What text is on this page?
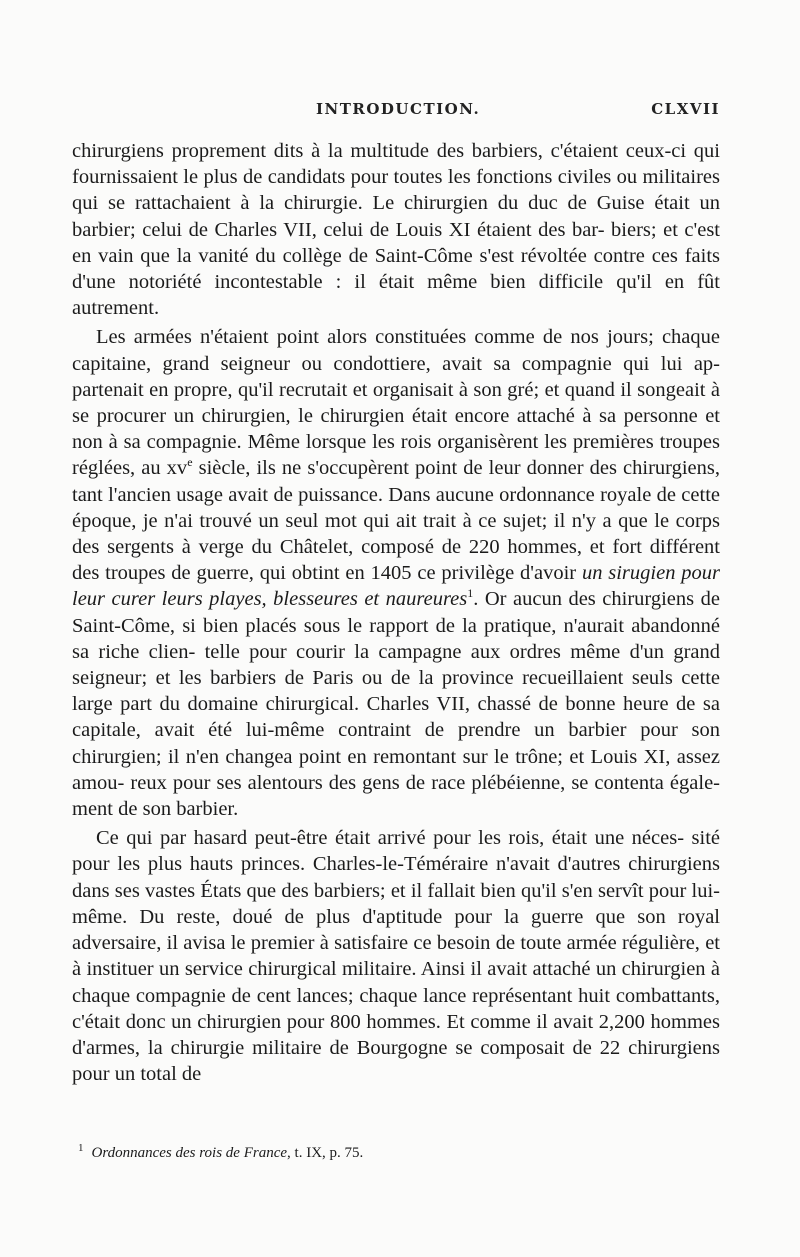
INTRODUCTION.	CLXVII

chirurgiens proprement dits à la multitude des barbiers, c'étaient ceux-ci qui fournissaient le plus de candidats pour toutes les fonctions civiles ou militaires qui se rattachaient à la chirurgie. Le chirurgien du duc de Guise était un barbier; celui de Charles VII, celui de Louis XI étaient des bar- biers; et c'est en vain que la vanité du collège de Saint-Côme s'est révoltée contre ces faits d'une notoriété incontestable : il était même bien difficile qu'il en fût autrement.

Les armées n'étaient point alors constituées comme de nos jours; chaque capitaine, grand seigneur ou condottiere, avait sa compagnie qui lui ap- partenait en propre, qu'il recrutait et organisait à son gré; et quand il songeait à se procurer un chirurgien, le chirurgien était encore attaché à sa personne et non à sa compagnie. Même lorsque les rois organisèrent les premières troupes réglées, au $xv^e$ siècle, ils ne s'occupèrent point de leur donner des chirurgiens, tant l'ancien usage avait de puissance. Dans aucune ordonnance royale de cette époque, je n'ai trouvé un seul mot qui ait trait à ce sujet; il n'y a que le corps des sergents à verge du Châtelet, composé de 220 hommes, et fort différent des troupes de guerre, qui obtint en 1405 ce privilège d'avoir un sirugien pour leur curer leurs playes, blesseures et naureures$^1$. Or aucun des chirurgiens de Saint-Côme, si bien placés sous le rapport de la pratique, n'aurait abandonné sa riche clien- telle pour courir la campagne aux ordres même d'un grand seigneur; et les barbiers de Paris ou de la province recueillaient seuls cette large part du domaine chirurgical. Charles VII, chassé de bonne heure de sa capitale, avait été lui-même contraint de prendre un barbier pour son chirurgien; il n'en changea point en remontant sur le trône; et Louis XI, assez amou- reux pour ses alentours des gens de race plébéienne, se contenta égale- ment de son barbier.

Ce qui par hasard peut-être était arrivé pour les rois, était une néces- sité pour les plus hauts princes. Charles-le-Téméraire n'avait d'autres chirurgiens dans ses vastes États que des barbiers; et il fallait bien qu'il s'en servît pour lui-même. Du reste, doué de plus d'aptitude pour la guerre que son royal adversaire, il avisa le premier à satisfaire ce besoin de toute armée régulière, et à instituer un service chirurgical militaire. Ainsi il avait attaché un chirurgien à chaque compagnie de cent lances; chaque lance représentant huit combattants, c'était donc un chirurgien pour 800 hommes. Et comme il avait 2,200 hommes d'armes, la chirurgie militaire de Bourgogne se composait de 22 chirurgiens pour un total de

$^1$ Ordonnances des rois de France, t. IX, p. 75.
